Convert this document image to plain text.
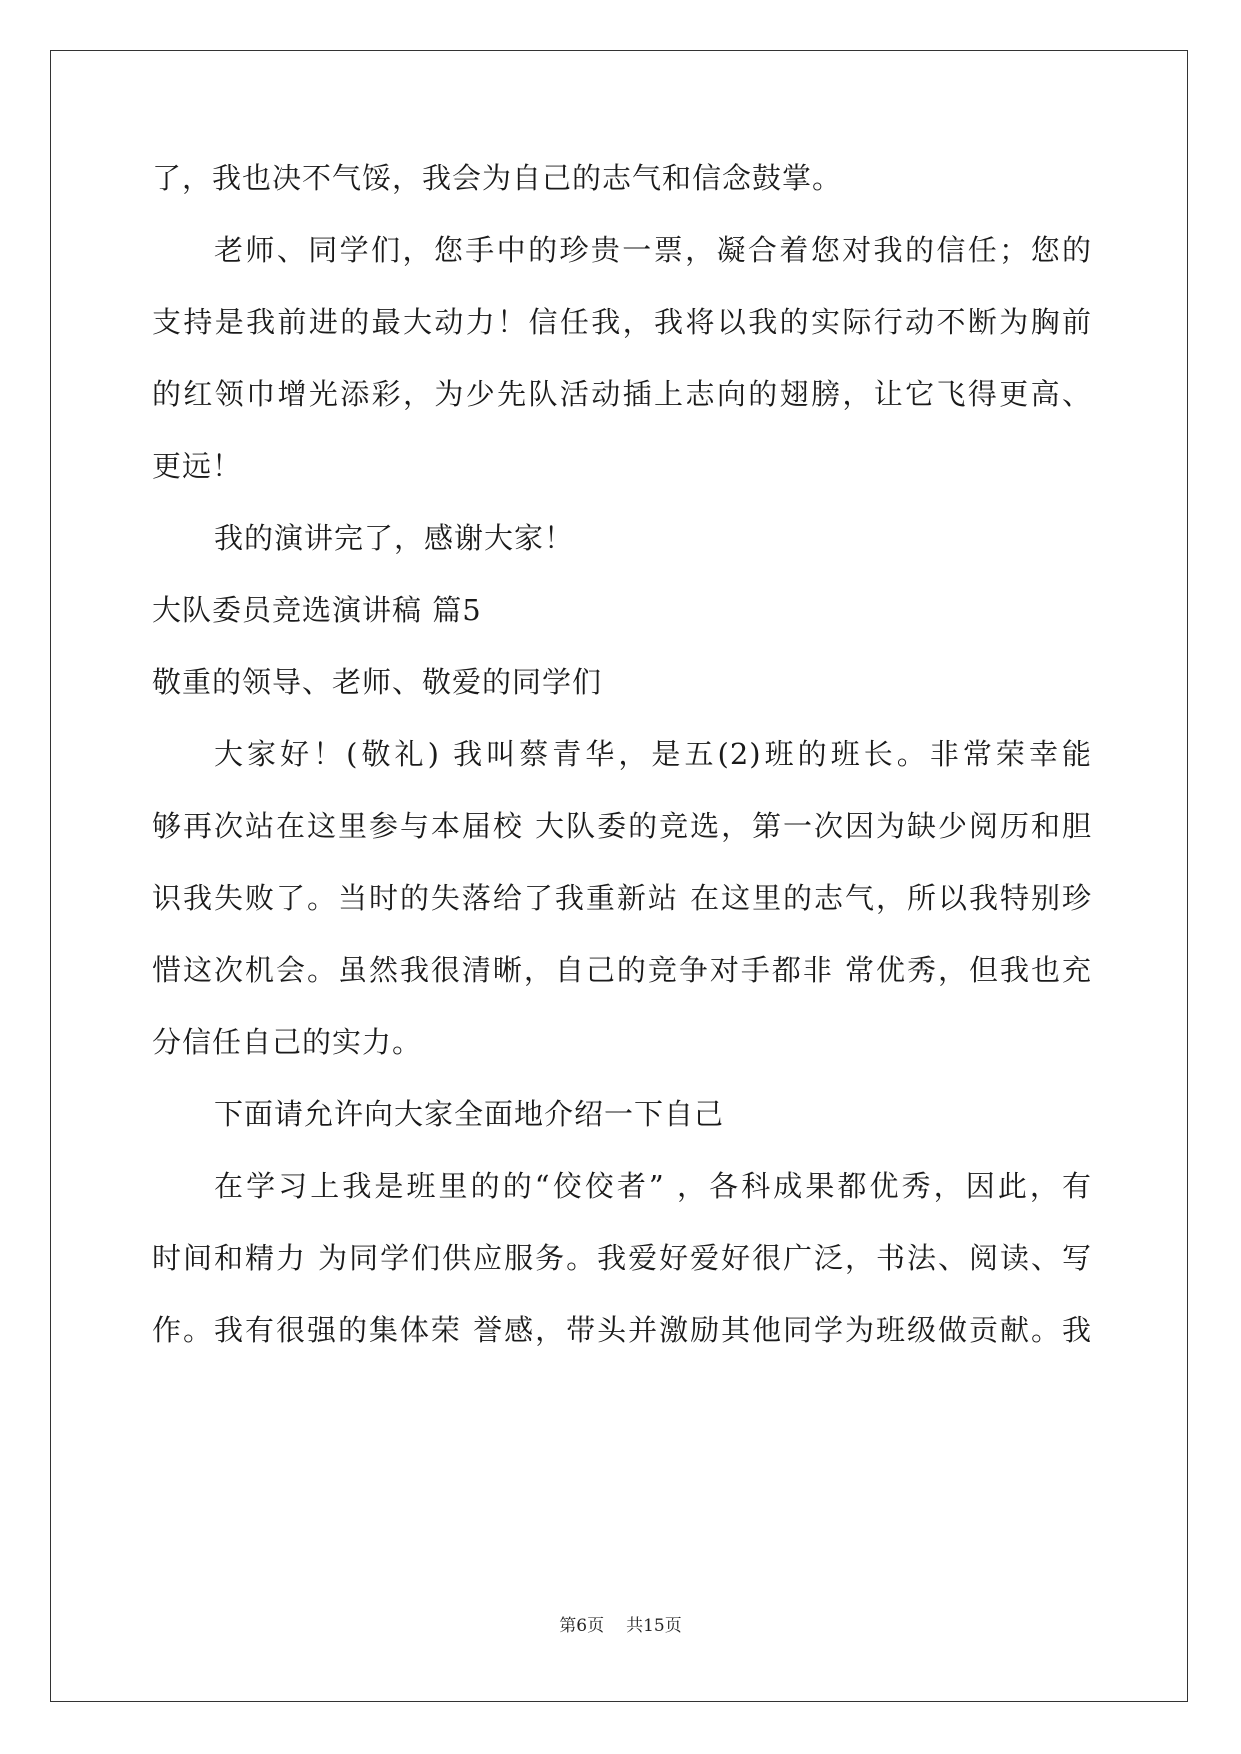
了，我也决不气馁，我会为自己的志气和信念鼓掌。
老师、同学们，您手中的珍贵一票，凝合着您对我的信任；您的
支持是我前进的最大动力！信任我，我将以我的实际行动不断为胸前
的红领巾增光添彩，为少先队活动插上志向的翅膀，让它飞得更高、
更远！
我的演讲完了，感谢大家！
大队委员竞选演讲稿 篇5
敬重的领导、老师、敬爱的同学们
大家好！(敬礼) 我叫蔡青华，是五(2)班的班长。非常荣幸能
够再次站在这里参与本届校 大队委的竞选，第一次因为缺少阅历和胆
识我失败了。当时的失落给了我重新站 在这里的志气，所以我特别珍
惜这次机会。虽然我很清晰，自己的竞争对手都非 常优秀，但我也充
分信任自己的实力。
下面请允许向大家全面地介绍一下自己
在学习上我是班里的的“佼佼者” ，各科成果都优秀，因此，有
时间和精力 为同学们供应服务。我爱好爱好很广泛，书法、阅读、写
作。我有很强的集体荣 誉感，带头并激励其他同学为班级做贡献。我
第6页 共15页
